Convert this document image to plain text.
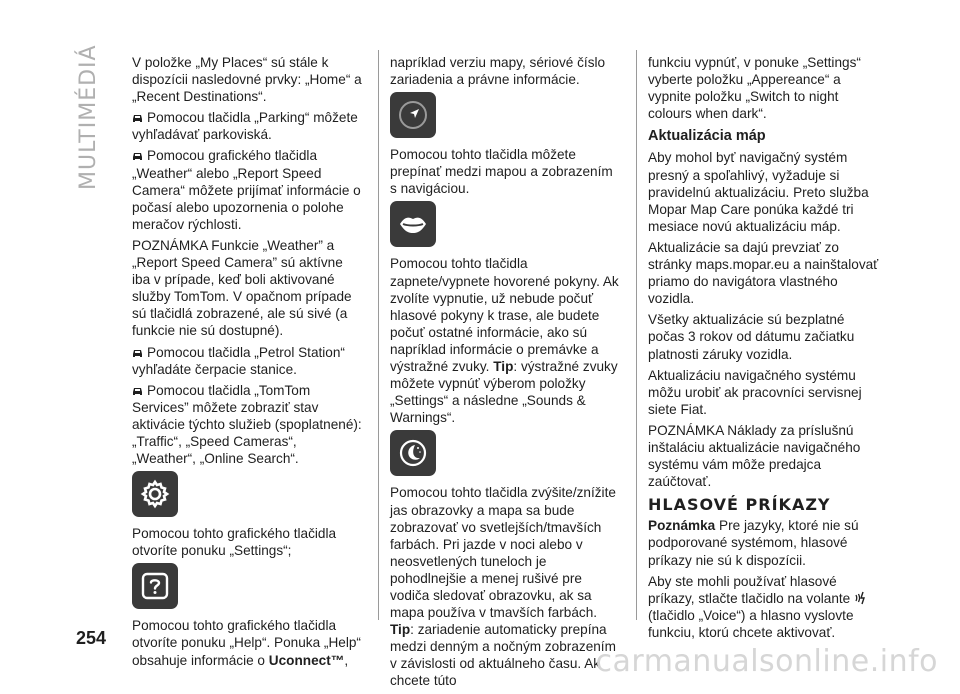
MULTIMÉDIÁ V položke „My Places“ sú stále k dispozícii nasledovné prvky: „Home“ a „Recent Destinations“.

Pomocou tlačidla „Parking“ môžete vyhľadávať parkoviská.

Pomocou grafického tlačidla „Weather“ alebo „Report Speed Camera“ môžete prijímať informácie o počasí alebo upozornenia o polohe meračov rýchlosti.

POZNÁMKA Funkcie „Weather” a „Report Speed Camera” sú aktívne iba v prípade, keď boli aktivované služby TomTom. V opačnom prípade sú tlačidlá zobrazené, ale sú sivé (a funkcie nie sú dostupné).

Pomocou tlačidla „Petrol Station“ vyhľadáte čerpacie stanice.

Pomocou tlačidla „TomTom Services” môžete zobraziť stav aktivácie týchto služieb (spoplatnené): „Traffic“, „Speed Cameras“, „Weather“, „Online Search“.

Pomocou tohto grafického tlačidla otvoríte ponuku „Settings“;

Pomocou tohto grafického tlačidla otvoríte ponuku „Help“. Ponuka „Help“ obsahuje informácie o Uconnect™,

napríklad verziu mapy, sériové číslo zariadenia a právne informácie.

Pomocou tohto tlačidla môžete prepínať medzi mapou a zobrazením s navigáciou.

Pomocou tohto tlačidla zapnete/vypnete hovorené pokyny. Ak zvolíte vypnutie, už nebude počuť hlasové pokyny k trase, ale budete počuť ostatné informácie, ako sú napríklad informácie o premávke a výstražné zvuky. Tip: výstražné zvuky môžete vypnúť výberom položky „Settings“ a následne „Sounds & Warnings“.

Pomocou tohto tlačidla zvýšite/znížite jas obrazovky a mapa sa bude zobrazovať vo svetlejších/tmavších farbách. Pri jazde v noci alebo v neosvetlených tuneloch je pohodlnejšie a menej rušivé pre vodiča sledovať obrazovku, ak sa mapa používa v tmavších farbách. Tip: zariadenie automaticky prepína medzi denným a nočným zobrazením v závislosti od aktuálneho času. Ak chcete túto

funkciu vypnúť, v ponuke „Settings“ vyberte položku „Appereance“ a vypnite položku „Switch to night colours when dark“.

Aktualizácia máp

Aby mohol byť navigačný systém presný a spoľahlivý, vyžaduje si pravidelnú aktualizáciu. Preto služba Mopar Map Care ponúka každé tri mesiace novú aktualizáciu máp.

Aktualizácie sa dajú prevziať zo stránky maps.mopar.eu a nainštalovať priamo do navigátora vlastného vozidla.

Všetky aktualizácie sú bezplatné počas 3 rokov od dátumu začiatku platnosti záruky vozidla.

Aktualizáciu navigačného systému môžu urobiť ak pracovníci servisnej siete Fiat.

POZNÁMKA Náklady za príslušnú inštaláciu aktualizácie navigačného systému vám môže predajca zaúčtovať.

HLASOVÉ PRÍKAZY

Poznámka Pre jazyky, ktoré nie sú podporované systémom, hlasové príkazy nie sú k dispozícii.

Aby ste mohli používať hlasové príkazy, stlačte tlačidlo na volante  (tlačidlo „Voice“) a hlasno vyslovte funkciu, ktorú chcete aktivovať.

254
carmanualsonline.info
